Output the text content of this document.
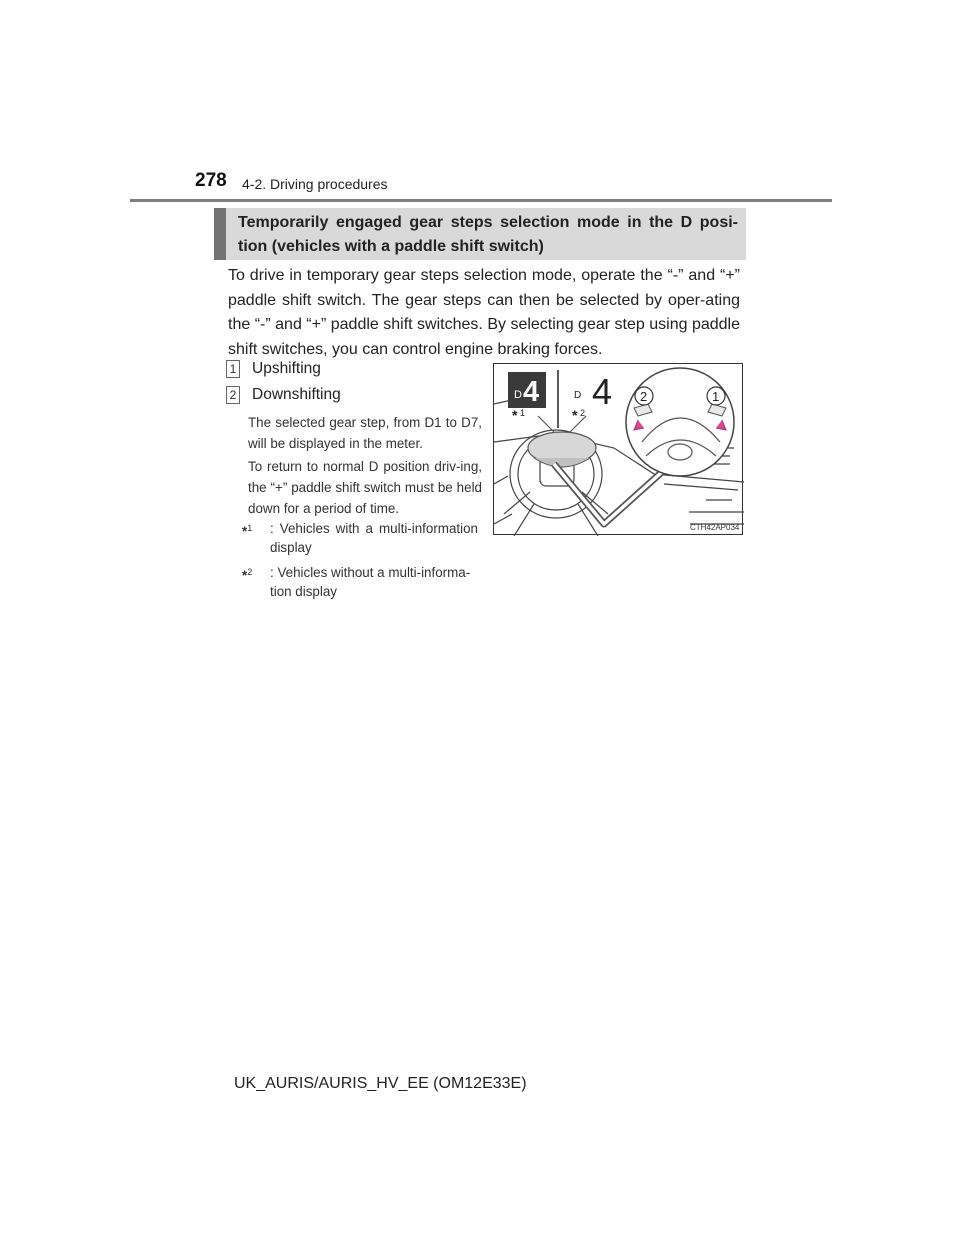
278 4-2. Driving procedures
Temporarily engaged gear steps selection mode in the D posi-tion (vehicles with a paddle shift switch)
To drive in temporary gear steps selection mode, operate the “-” and “+” paddle shift switch. The gear steps can then be selected by oper-ating the “-” and “+” paddle shift switches. By selecting gear step using paddle shift switches, you can control engine braking forces.
1 Upshifting
2 Downshifting
The selected gear step, from D1 to D7, will be displayed in the meter.
To return to normal D position driv-ing, the “+” paddle shift switch must be held down for a period of time.
*$^1$	: Vehicles with a multi-information display
*$^2$	: Vehicles without a multi-informa-tion display
D 4	D 4
* 1	* 2
2	1
CTH42AP034
UK_AURIS/AURIS_HV_EE (OM12E33E)
